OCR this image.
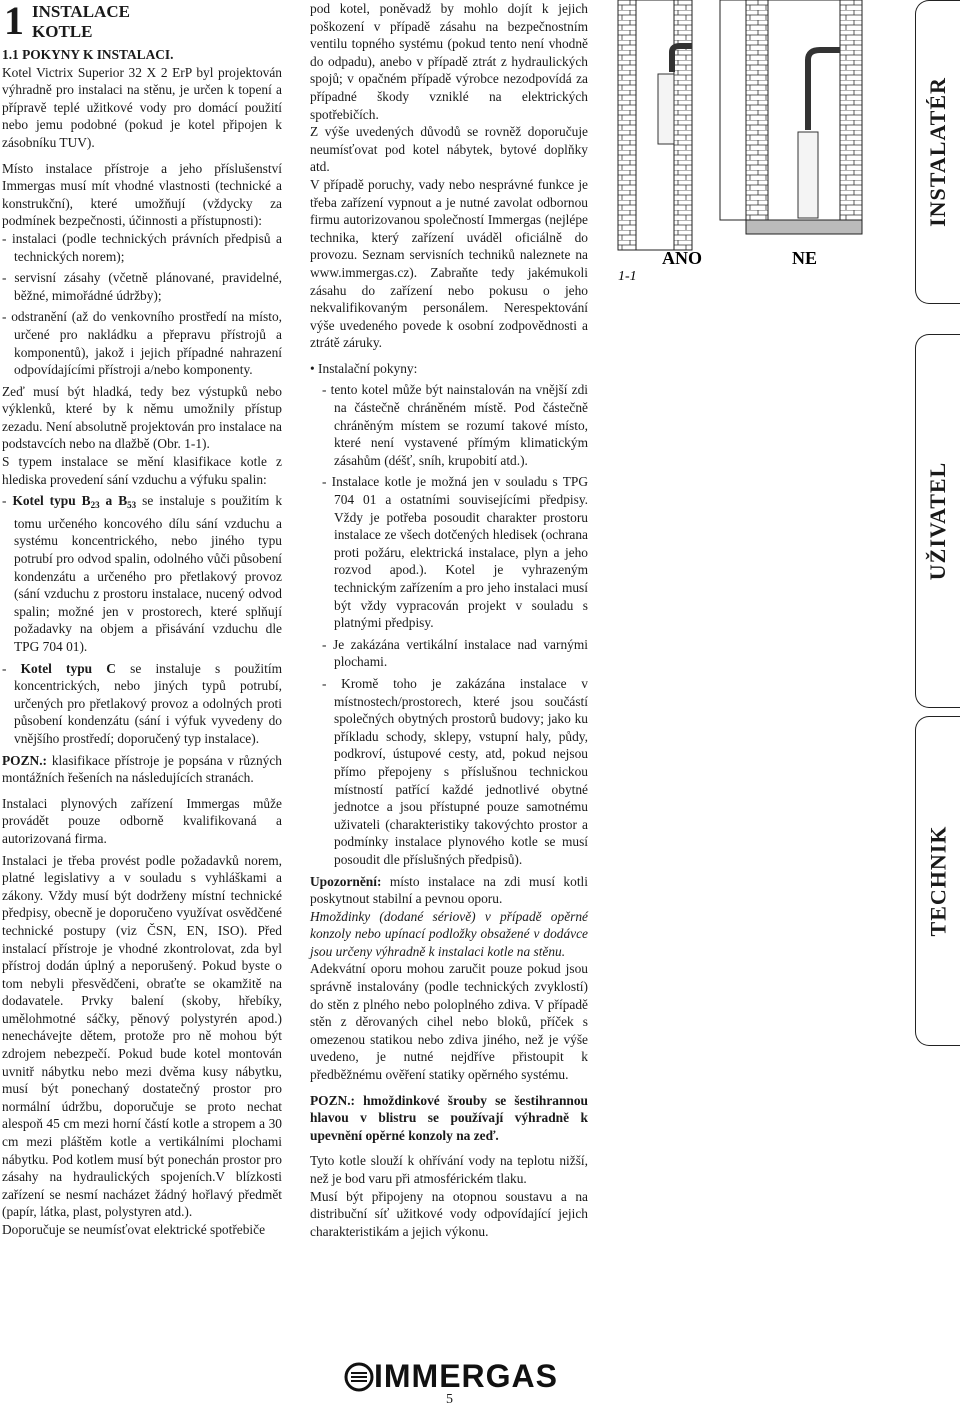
1 INSTALACE
KOTLE
1.1 POKYNY K INSTALACI.

Kotel Victrix Superior 32 X 2 ErP byl projektován výhradně pro instalaci na stěnu, je určen k topení a přípravě teplé užitkové vody pro domácí použití nebo jemu podobné (pokud je kotel připojen k zásobníku TUV).

Místo instalace přístroje a jeho příslušenství Immergas musí mít vhodné vlastnosti (technické a konstrukční), které umožňují (vždycky za podmínek bezpečnosti, účinnosti a přístupnosti):

- instalaci (podle technických právních předpisů a technických norem);

- servisní zásahy (včetně plánované, pravidelné, běžné, mimořádné údržby);

- odstranění (až do venkovního prostředí na místo, určené pro nakládku a přepravu přístrojů a komponentů), jakož i jejich případné nahrazení odpovídajícími přístroji a/nebo komponenty.

Zeď musí být hladká, tedy bez výstupků nebo výklenků, které by k němu umožnily přístup zezadu. Není absolutně projektován pro instalace na podstavcích nebo na dlažbě (Obr. 1-1).

S typem instalace se mění klasifikace kotle z hlediska provedení sání vzduchu a výfuku spalin:

- Kotel typu $B_{23}$ a $B_{53}$ se instaluje s použitím k tomu určeného koncového dílu sání vzduchu a systému koncentrického, nebo jiného typu potrubí pro odvod spalin, odolného vůči působení kondenzátu a určeného pro přetlakový provoz (sání vzduchu z prostoru instalace, nucený odvod spalin; možné jen v prostorech, které splňují požadavky na objem a přisávání vzduchu dle TPG 704 01).

- Kotel typu C se instaluje s použitím koncentrických, nebo jiných typů potrubí, určených pro přetlakový provoz a odolných proti působení kondenzátu (sání i výfuk vyvedeny do vnějšího prostředí; doporučený typ instalace).

POZN.: klasifikace přístroje je popsána v různých montážních řešeních na následujících stranách.

Instalaci plynových zařízení Immergas může provádět pouze odborně kvalifikovaná a autorizovaná firma.

Instalaci je třeba provést podle požadavků norem, platné legislativy a v souladu s vyhláškami a zákony. Vždy musí být dodrženy místní technické předpisy, obecně je doporučeno využívat osvědčené technické postupy (viz ČSN, EN, ISO). Před instalací přístroje je vhodné zkontrolovat, zda byl přístroj dodán úplný a neporušený. Pokud byste o tom nebyli přesvědčeni, obraťte se okamžitě na dodavatele. Prvky balení (skoby, hřebíky, umělohmotné sáčky, pěnový polystyrén apod.) nenechávejte dětem, protože pro ně mohou být zdrojem nebezpečí. Pokud bude kotel montován uvnitř nábytku nebo mezi dvěma kusy nábytku, musí být ponechaný dostatečný prostor pro normální údržbu, doporučuje se proto nechat alespoň 45 cm mezi horní částí kotle a stropem a 30 cm mezi pláštěm kotle a vertikálními plochami nábytku. Pod kotlem musí být ponechán prostor pro zásahy na hydraulických spojeních.V blízkosti zařízení se nesmí nacházet žádný hořlavý předmět (papír, látka, plast, polystyren atd.).

Doporučuje se neumísťovat elektrické spotřebiče

pod kotel, poněvadž by mohlo dojít k jejich poškození v případě zásahu na bezpečnostním ventilu topného systému (pokud tento není vhodně do odpadu), anebo v případě ztrát z hydraulických spojů; v opačném případě výrobce nezodpovídá za případné škody vzniklé na elektrických spotřebičích.

Z výše uvedených důvodů se rovněž doporučuje neumísťovat pod kotel nábytek, bytové doplňky atd.

V případě poruchy, vady nebo nesprávné funkce je třeba zařízení vypnout a je nutné zavolat odbornou firmu autorizovanou společností Immergas (nejlépe technika, který zařízení uváděl oficiálně do provozu. Seznam servisních techniků naleznete na www.immergas.cz). Zabraňte tedy jakémukoli zásahu do zařízení nebo pokusu o jeho nekvalifikovaným personálem. Nerespektování výše uvedeného povede k osobní zodpovědnosti a ztrátě záruky.

• Instalační pokyny:

- tento kotel může být nainstalován na vnější zdi na částečně chráněném místě. Pod částečně chráněným místem se rozumí takové místo, které není vystavené přímým klimatickým zásahům (déšť, sníh, krupobití atd.).

- Instalace kotle je možná jen v souladu s TPG 704 01 a ostatními souvisejícími předpisy. Vždy je potřeba posoudit charakter prostoru instalace ze všech dotčených hledisek (ochrana proti požáru, elektrická instalace, plyn a jeho rozvod apod.). Kotel je vyhrazeným technickým zařízením a pro jeho instalaci musí být vždy vypracován projekt v souladu s platnými předpisy.

- Je zakázána vertikální instalace nad varnými plochami.

- Kromě toho je zakázána instalace v místnostech/prostorech, které jsou součástí společných obytných prostorů budovy; jako ku příkladu schody, sklepy, vstupní haly, půdy, podkroví, ústupové cesty, atd, pokud nejsou přímo přepojeny s příslušnou technickou místností patřící každé jednotlivé obytné jednotce a jsou přístupné pouze samotnému uživateli (charakteristiky takovýchto prostor a podmínky instalace plynového kotle se musí posoudit dle příslušných předpisů).

Upozornění: místo instalace na zdi musí kotli poskytnout stabilní a pevnou oporu.

Hmoždinky (dodané sériově) v případě opěrné konzoly nebo upínací podložky obsažené v dodávce jsou určeny výhradně k instalaci kotle na stěnu.

Adekvátní oporu mohou zaručit pouze pokud jsou správně instalovány (podle technických zvyklostí) do stěn z plného nebo poloplného zdiva. V případě stěn z děrovaných cihel nebo bloků, příček s omezenou statikou nebo zdiva jiného, než je výše uvedeno, je nutné nejdříve přistoupit k předběžnému ověření statiky opěrného systému.

POZN.: hmoždinkové šrouby se šestihrannou hlavou v blistru se používají výhradně k upevnění opěrné konzoly na zeď.

Tyto kotle slouží k ohřívání vody na teplotu nižší, než je bod varu při atmosférickém tlaku.

Musí být připojeny na otopnou soustavu a na distribuční síť užitkové vody odpovídající jejich charakteristikám a jejich výkonu.

1-1
ANO	NE
INSTALATÉR
UŽIVATEL
TECHNIK
IMMERGAS
5
